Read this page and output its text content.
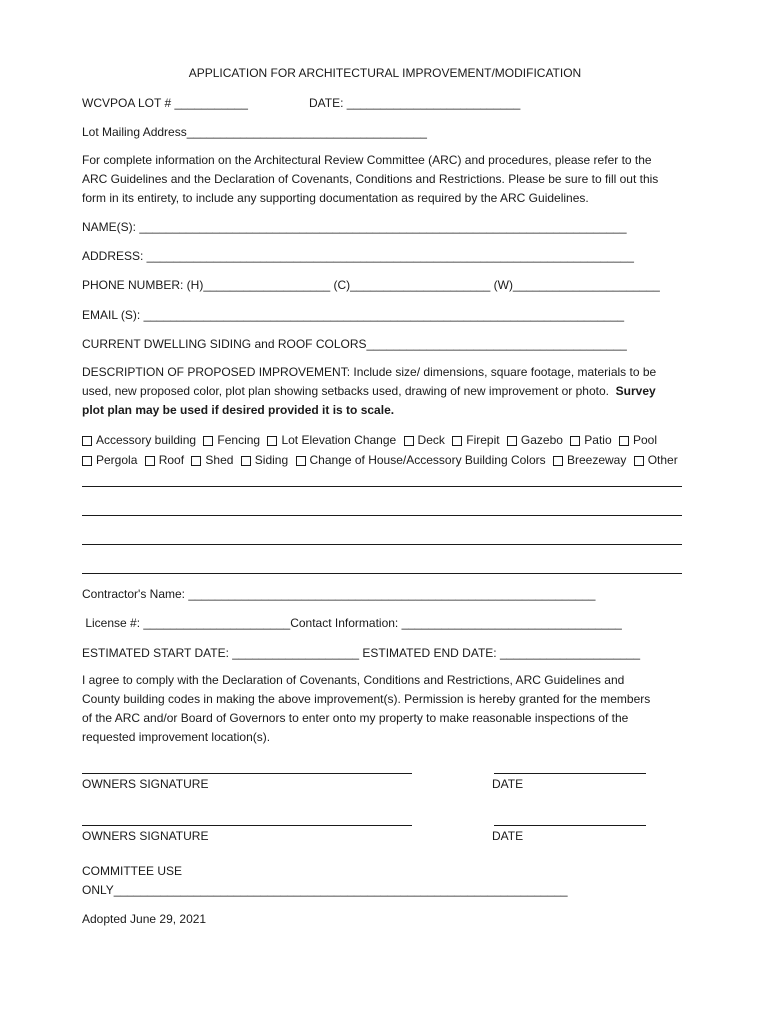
APPLICATION FOR ARCHITECTURAL IMPROVEMENT/MODIFICATION
WCVPOA LOT # ___________	DATE: __________________________
Lot Mailing Address____________________________________
For complete information on the Architectural Review Committee (ARC) and procedures, please refer to the
ARC Guidelines and the Declaration of Covenants, Conditions and Restrictions. Please be sure to fill out this
form in its entirety, to include any supporting documentation as required by the ARC Guidelines.
NAME(S): _________________________________________________________________________
ADDRESS: _________________________________________________________________________
PHONE NUMBER: (H)___________________ (C)_____________________ (W)______________________
EMAIL (S): ________________________________________________________________________
CURRENT DWELLING SIDING and ROOF COLORS_______________________________________
DESCRIPTION OF PROPOSED IMPROVEMENT: Include size/ dimensions, square footage, materials to be
used, new proposed color, plot plan showing setbacks used, drawing of new improvement or photo.  Survey
plot plan may be used if desired provided it is to scale.
Accessory building
Fencing
Lot Elevation Change
Deck
Firepit
Gazebo
Patio
Pool
Pergola
Roof
Shed
Siding
Change of House/Accessory Building Colors
Breezeway
Other
Contractor's Name: _____________________________________________________________
License #: ______________________Contact Information: _________________________________
ESTIMATED START DATE: ___________________ ESTIMATED END DATE: _____________________
I agree to comply with the Declaration of Covenants, Conditions and Restrictions, ARC Guidelines and
County building codes in making the above improvement(s). Permission is hereby granted for the members
of the ARC and/or Board of Governors to enter onto my property to make reasonable inspections of the
requested improvement location(s).
OWNERS SIGNATURE	DATE
OWNERS SIGNATURE	DATE
COMMITTEE USE
ONLY____________________________________________________________________
Adopted June 29, 2021
